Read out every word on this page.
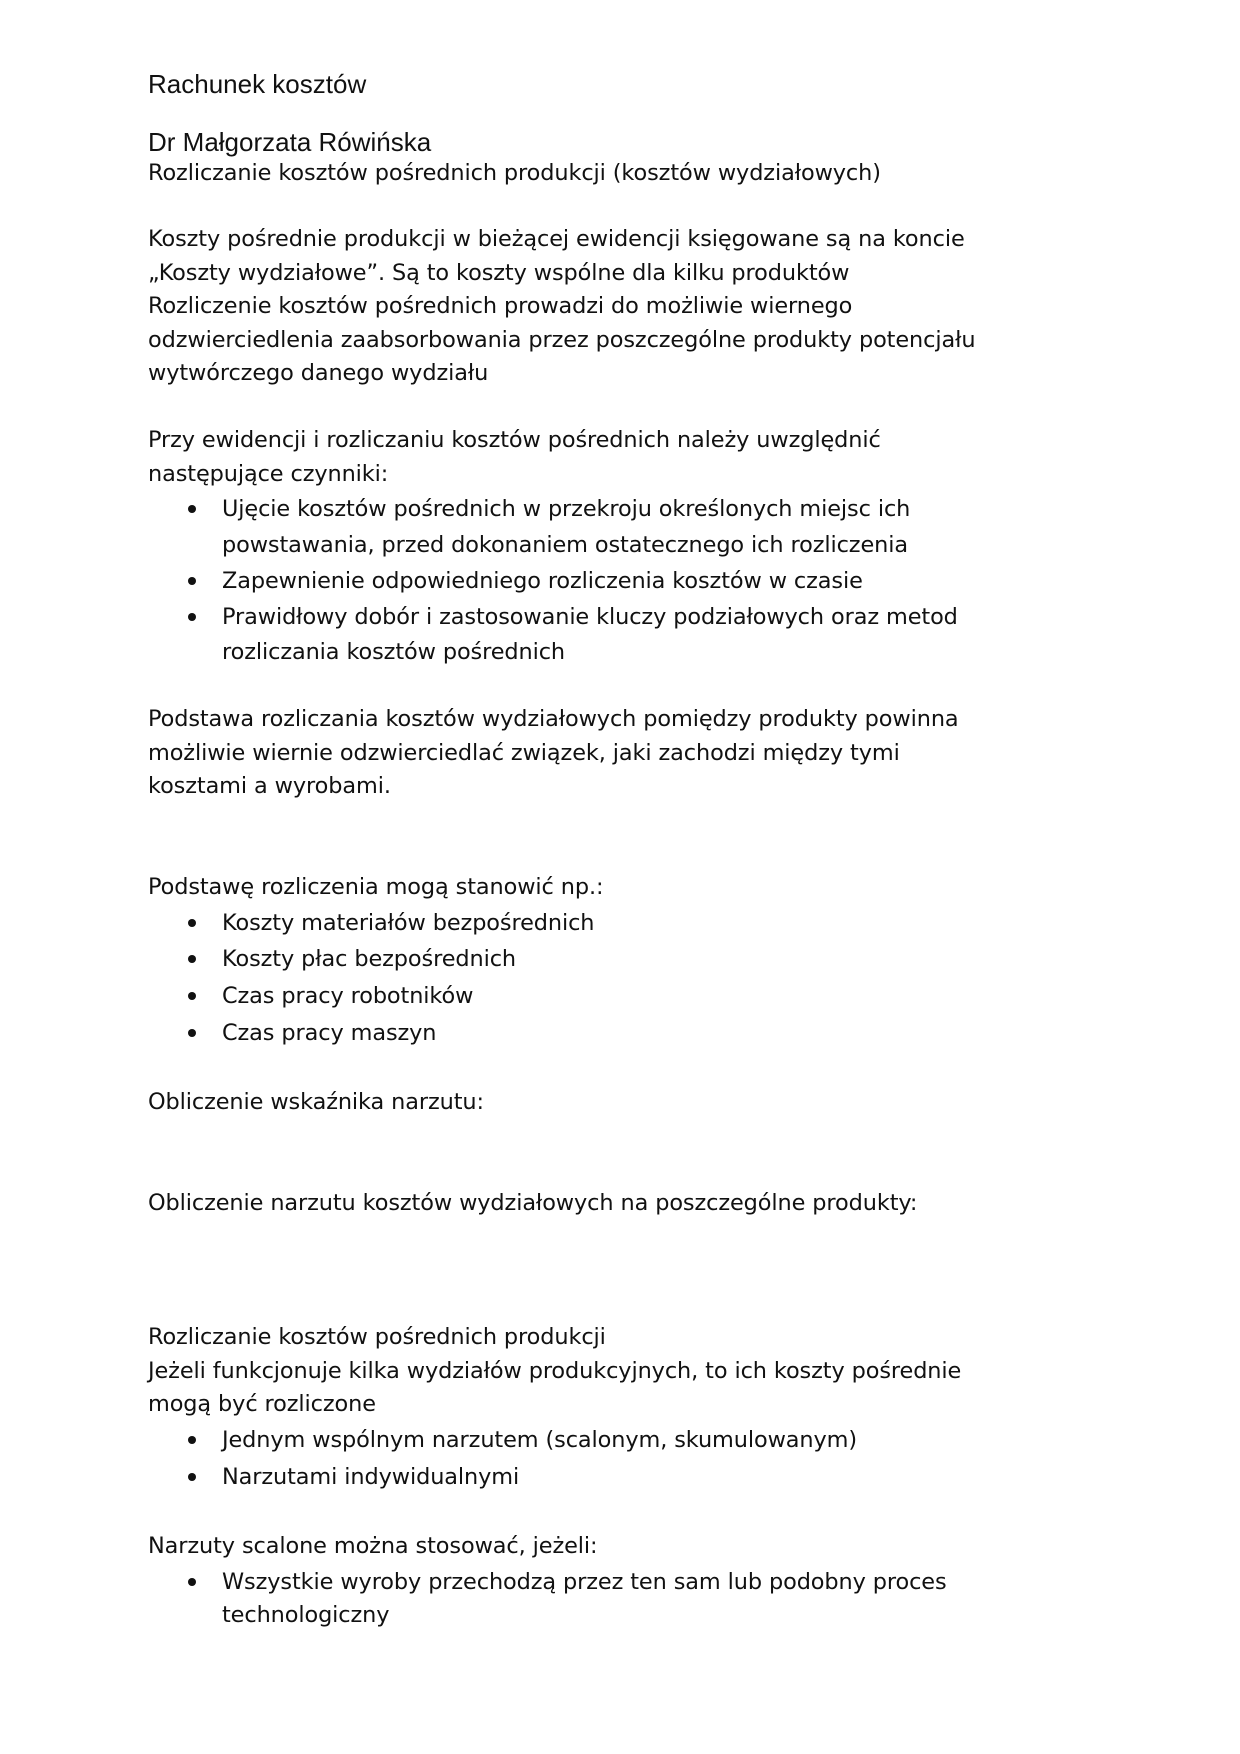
Rachunek kosztów
Dr Małgorzata Rówińska
Rozliczanie kosztów pośrednich produkcji (kosztów wydziałowych)
Koszty pośrednie produkcji w bieżącej ewidencji księgowane są na koncie
„Koszty wydziałowe”. Są to koszty wspólne dla kilku produktów
Rozliczenie kosztów pośrednich prowadzi do możliwie wiernego
odzwierciedlenia zaabsorbowania przez poszczególne produkty potencjału
wytwórczego danego wydziału
Przy ewidencji i rozliczaniu kosztów pośrednich należy uwzględnić
następujące czynniki:
Ujęcie kosztów pośrednich w przekroju określonych miejsc ich
powstawania, przed dokonaniem ostatecznego ich rozliczenia
Zapewnienie odpowiedniego rozliczenia kosztów w czasie
Prawidłowy dobór i zastosowanie kluczy podziałowych oraz metod
rozliczania kosztów pośrednich
Podstawa rozliczania kosztów wydziałowych pomiędzy produkty powinna
możliwie wiernie odzwierciedlać związek, jaki zachodzi między tymi
kosztami a wyrobami.
Podstawę rozliczenia mogą stanowić np.:
Koszty materiałów bezpośrednich
Koszty płac bezpośrednich
Czas pracy robotników
Czas pracy maszyn
Obliczenie wskaźnika narzutu:
Obliczenie narzutu kosztów wydziałowych na poszczególne produkty:
Rozliczanie kosztów pośrednich produkcji
Jeżeli funkcjonuje kilka wydziałów produkcyjnych, to ich koszty pośrednie
mogą być rozliczone
Jednym wspólnym narzutem (scalonym, skumulowanym)
Narzutami indywidualnymi
Narzuty scalone można stosować, jeżeli:
Wszystkie wyroby przechodzą przez ten sam lub podobny proces
technologiczny
